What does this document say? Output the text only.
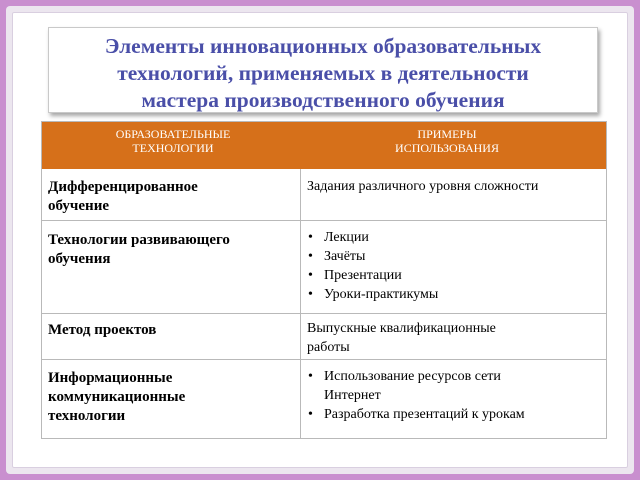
Элементы инновационных образовательных
технологий, применяемых в деятельности
мастера производственного обучения
ОБРАЗОВАТЕЛЬНЫЕ
ТЕХНОЛОГИИ
ПРИМЕРЫ
ИСПОЛЬЗОВАНИЯ
Дифференцированное
обучение
Задания различного уровня сложности
Технологии развивающего
обучения
• Лекции
• Зачёты
• Презентации
• Уроки-практикумы
Метод проектов	Выпускные квалификационные
работы
Информационные
коммуникационные
технологии
• Использование ресурсов сети
Интернет
• Разработка презентаций к урокам
